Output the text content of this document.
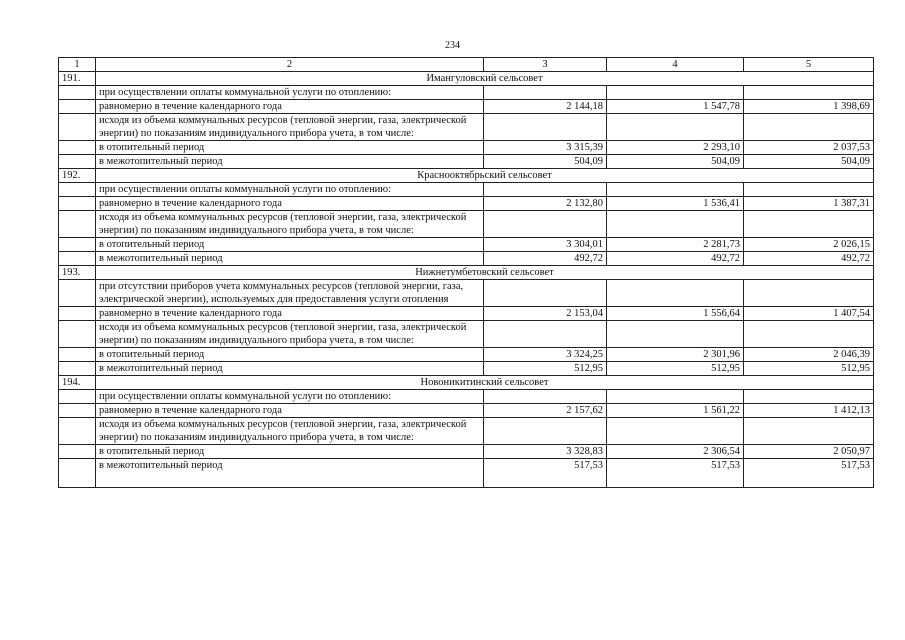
234
1	2	3	4	5
191.	Имангуловский сельсовет			
	при осуществлении оплаты коммунальной услуги по отоплению:			
	равномерно в течение календарного года	2 144,18	1 547,78	1 398,69
	исходя из объема коммунальных ресурсов (тепловой энергии, газа, электрической энергии) по показаниям индивидуального прибора учета, в том числе:			
	в отопительный период	3 315,39	2 293,10	2 037,53
	в межотопительный период	504,09	504,09	504,09
192.	Краснооктябрьский сельсовет			
	при осуществлении оплаты коммунальной услуги по отоплению:			
	равномерно в течение календарного года	2 132,80	1 536,41	1 387,31
	исходя из объема коммунальных ресурсов (тепловой энергии, газа, электрической энергии) по показаниям индивидуального прибора учета, в том числе:			
	в отопительный период	3 304,01	2 281,73	2 026,15
	в межотопительный период	492,72	492,72	492,72
193.	Нижнетумбетовский сельсовет			
	при отсутствии приборов учета коммунальных ресурсов (тепловой энергии, газа, электрической энергии), используемых для предоставления услуги отопления			
	равномерно в течение календарного года	2 153,04	1 556,64	1 407,54
	исходя из объема коммунальных ресурсов (тепловой энергии, газа, электрической энергии) по показаниям индивидуального прибора учета, в том числе:			
	в отопительный период	3 324,25	2 301,96	2 046,39
	в межотопительный период	512,95	512,95	512,95
194.	Новоникитинский сельсовет			
	при осуществлении оплаты коммунальной услуги по отоплению:			
	равномерно в течение календарного года	2 157,62	1 561,22	1 412,13
	исходя из объема коммунальных ресурсов (тепловой энергии, газа, электрической энергии) по показаниям индивидуального прибора учета, в том числе:			
	в отопительный период	3 328,83	2 306,54	2 050,97
	в межотопительный период	517,53	517,53	517,53
